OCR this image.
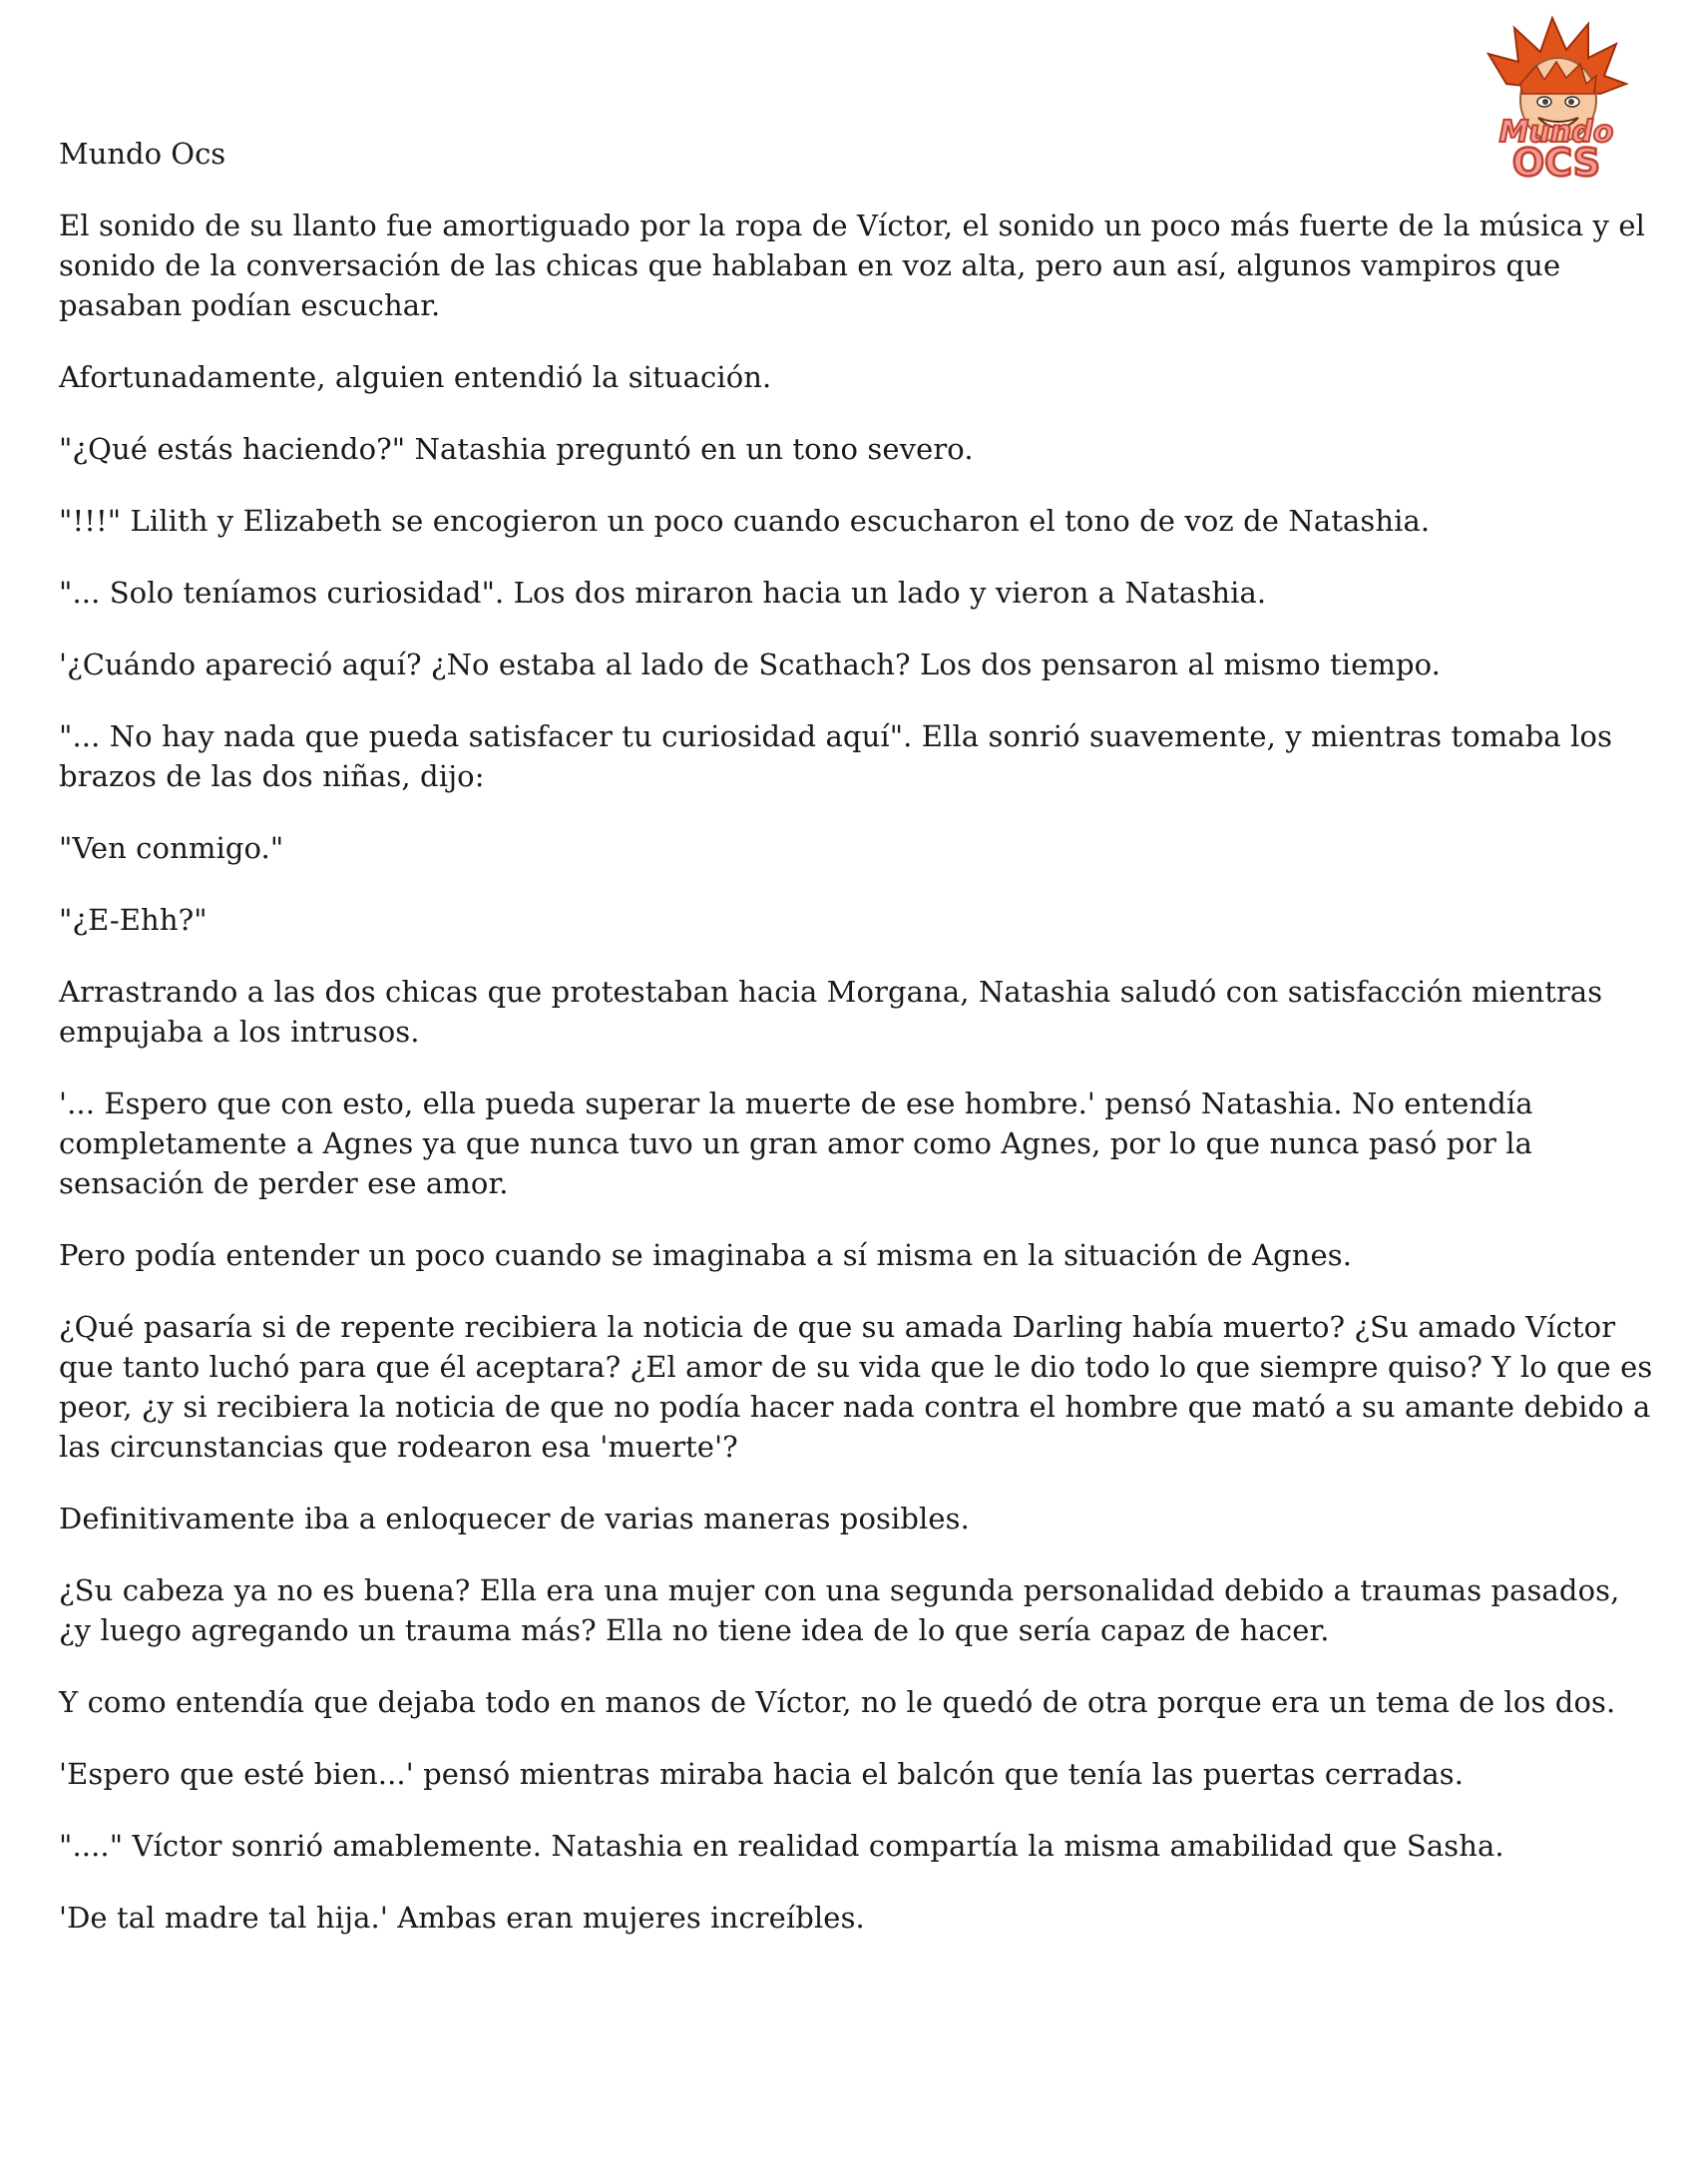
Mundo
OCS

Mundo Ocs

El sonido de su llanto fue amortiguado por la ropa de Víctor, el sonido un poco más fuerte de la música y el sonido de la conversación de las chicas que hablaban en voz alta, pero aun así, algunos vampiros que pasaban podían escuchar.

Afortunadamente, alguien entendió la situación.

"¿Qué estás haciendo?" Natashia preguntó en un tono severo.

"!!!" Lilith y Elizabeth se encogieron un poco cuando escucharon el tono de voz de Natashia.

"... Solo teníamos curiosidad". Los dos miraron hacia un lado y vieron a Natashia.

'¿Cuándo apareció aquí? ¿No estaba al lado de Scathach? Los dos pensaron al mismo tiempo.

"... No hay nada que pueda satisfacer tu curiosidad aquí". Ella sonrió suavemente, y mientras tomaba los brazos de las dos niñas, dijo:

"Ven conmigo."

"¿E-Ehh?"

Arrastrando a las dos chicas que protestaban hacia Morgana, Natashia saludó con satisfacción mientras empujaba a los intrusos.

'... Espero que con esto, ella pueda superar la muerte de ese hombre.' pensó Natashia. No entendía completamente a Agnes ya que nunca tuvo un gran amor como Agnes, por lo que nunca pasó por la sensación de perder ese amor.

Pero podía entender un poco cuando se imaginaba a sí misma en la situación de Agnes.

¿Qué pasaría si de repente recibiera la noticia de que su amada Darling había muerto? ¿Su amado Víctor que tanto luchó para que él aceptara? ¿El amor de su vida que le dio todo lo que siempre quiso? Y lo que es peor, ¿y si recibiera la noticia de que no podía hacer nada contra el hombre que mató a su amante debido a las circunstancias que rodearon esa 'muerte'?

Definitivamente iba a enloquecer de varias maneras posibles.

¿Su cabeza ya no es buena? Ella era una mujer con una segunda personalidad debido a traumas pasados, ¿y luego agregando un trauma más? Ella no tiene idea de lo que sería capaz de hacer.

Y como entendía que dejaba todo en manos de Víctor, no le quedó de otra porque era un tema de los dos.

'Espero que esté bien...' pensó mientras miraba hacia el balcón que tenía las puertas cerradas.

"...." Víctor sonrió amablemente. Natashia en realidad compartía la misma amabilidad que Sasha.

'De tal madre tal hija.' Ambas eran mujeres increíbles.
